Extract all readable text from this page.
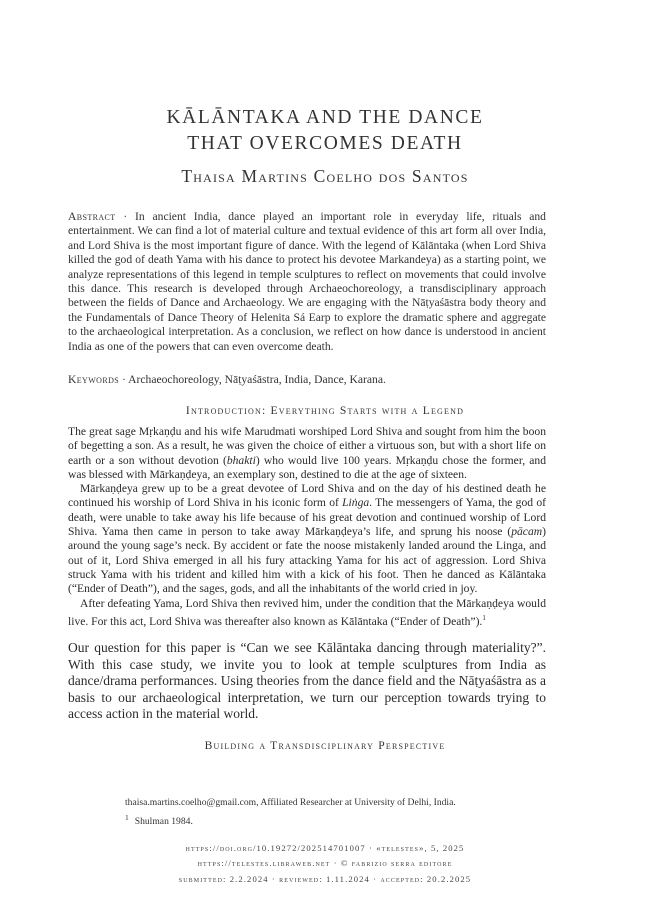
KĀLĀNTAKA AND THE DANCE
THAT OVERCOMES DEATH
Thaisa Martins Coelho dos Santos
Abstract · In ancient India, dance played an important role in everyday life, rituals and entertainment. We can find a lot of material culture and textual evidence of this art form all over India, and Lord Shiva is the most important figure of dance. With the legend of Kālāntaka (when Lord Shiva killed the god of death Yama with his dance to protect his devotee Markandeya) as a starting point, we analyze representations of this legend in temple sculptures to reflect on movements that could involve this dance. This research is developed through Archaeochoreology, a transdisciplinary approach between the fields of Dance and Archaeology. We are engaging with the Nāṭyaśāstra body theory and the Fundamentals of Dance Theory of Helenita Sá Earp to explore the dramatic sphere and aggregate to the archaeological interpretation. As a conclusion, we reflect on how dance is understood in ancient India as one of the powers that can even overcome death.
Keywords · Archaeochoreology, Nāṭyaśāstra, India, Dance, Karana.
Introduction: Everything Starts with a Legend

The great sage Mṛkaṇḍu and his wife Marudmati worshiped Lord Shiva and sought from him the boon of begetting a son. As a result, he was given the choice of either a virtuous son, but with a short life on earth or a son without devotion (bhakti) who would live 100 years. Mṛkaṇḍu chose the former, and was blessed with Mārkaṇḍeya, an exemplary son, destined to die at the age of sixteen.

Mārkaṇḍeya grew up to be a great devotee of Lord Shiva and on the day of his destined death he continued his worship of Lord Shiva in his iconic form of Liṅga. The messengers of Yama, the god of death, were unable to take away his life because of his great devotion and continued worship of Lord Shiva. Yama then came in person to take away Mārkaṇḍeya’s life, and sprung his noose (pācam) around the young sage’s neck. By accident or fate the noose mistakenly landed around the Linga, and out of it, Lord Shiva emerged in all his fury attacking Yama for his act of aggression. Lord Shiva struck Yama with his trident and killed him with a kick of his foot. Then he danced as Kālāntaka (“Ender of Death”), and the sages, gods, and all the inhabitants of the world cried in joy.

After defeating Yama, Lord Shiva then revived him, under the condition that the Mārkaṇḍeya would live. For this act, Lord Shiva was thereafter also known as Kālāntaka (“Ender of Death”).$^1$

Our question for this paper is “Can we see Kālāntaka dancing through materiality?”. With this case study, we invite you to look at temple sculptures from India as dance/drama performances. Using theories from the dance field and the Nāṭyaśāstra as a basis to our archaeological interpretation, we turn our perception towards trying to access action in the material world.
Building a Transdisciplinary Perspective
thaisa.martins.coelho@gmail.com, Affiliated Researcher at University of Delhi, India.
$^1$ Shulman 1984.
https://doi.org/10.19272/202514701007 · «telestes», 5, 2025
https://telestes.libraweb.net · © fabrizio serra editore
submitted: 2.2.2024 · reviewed: 1.11.2024 · accepted: 20.2.2025
